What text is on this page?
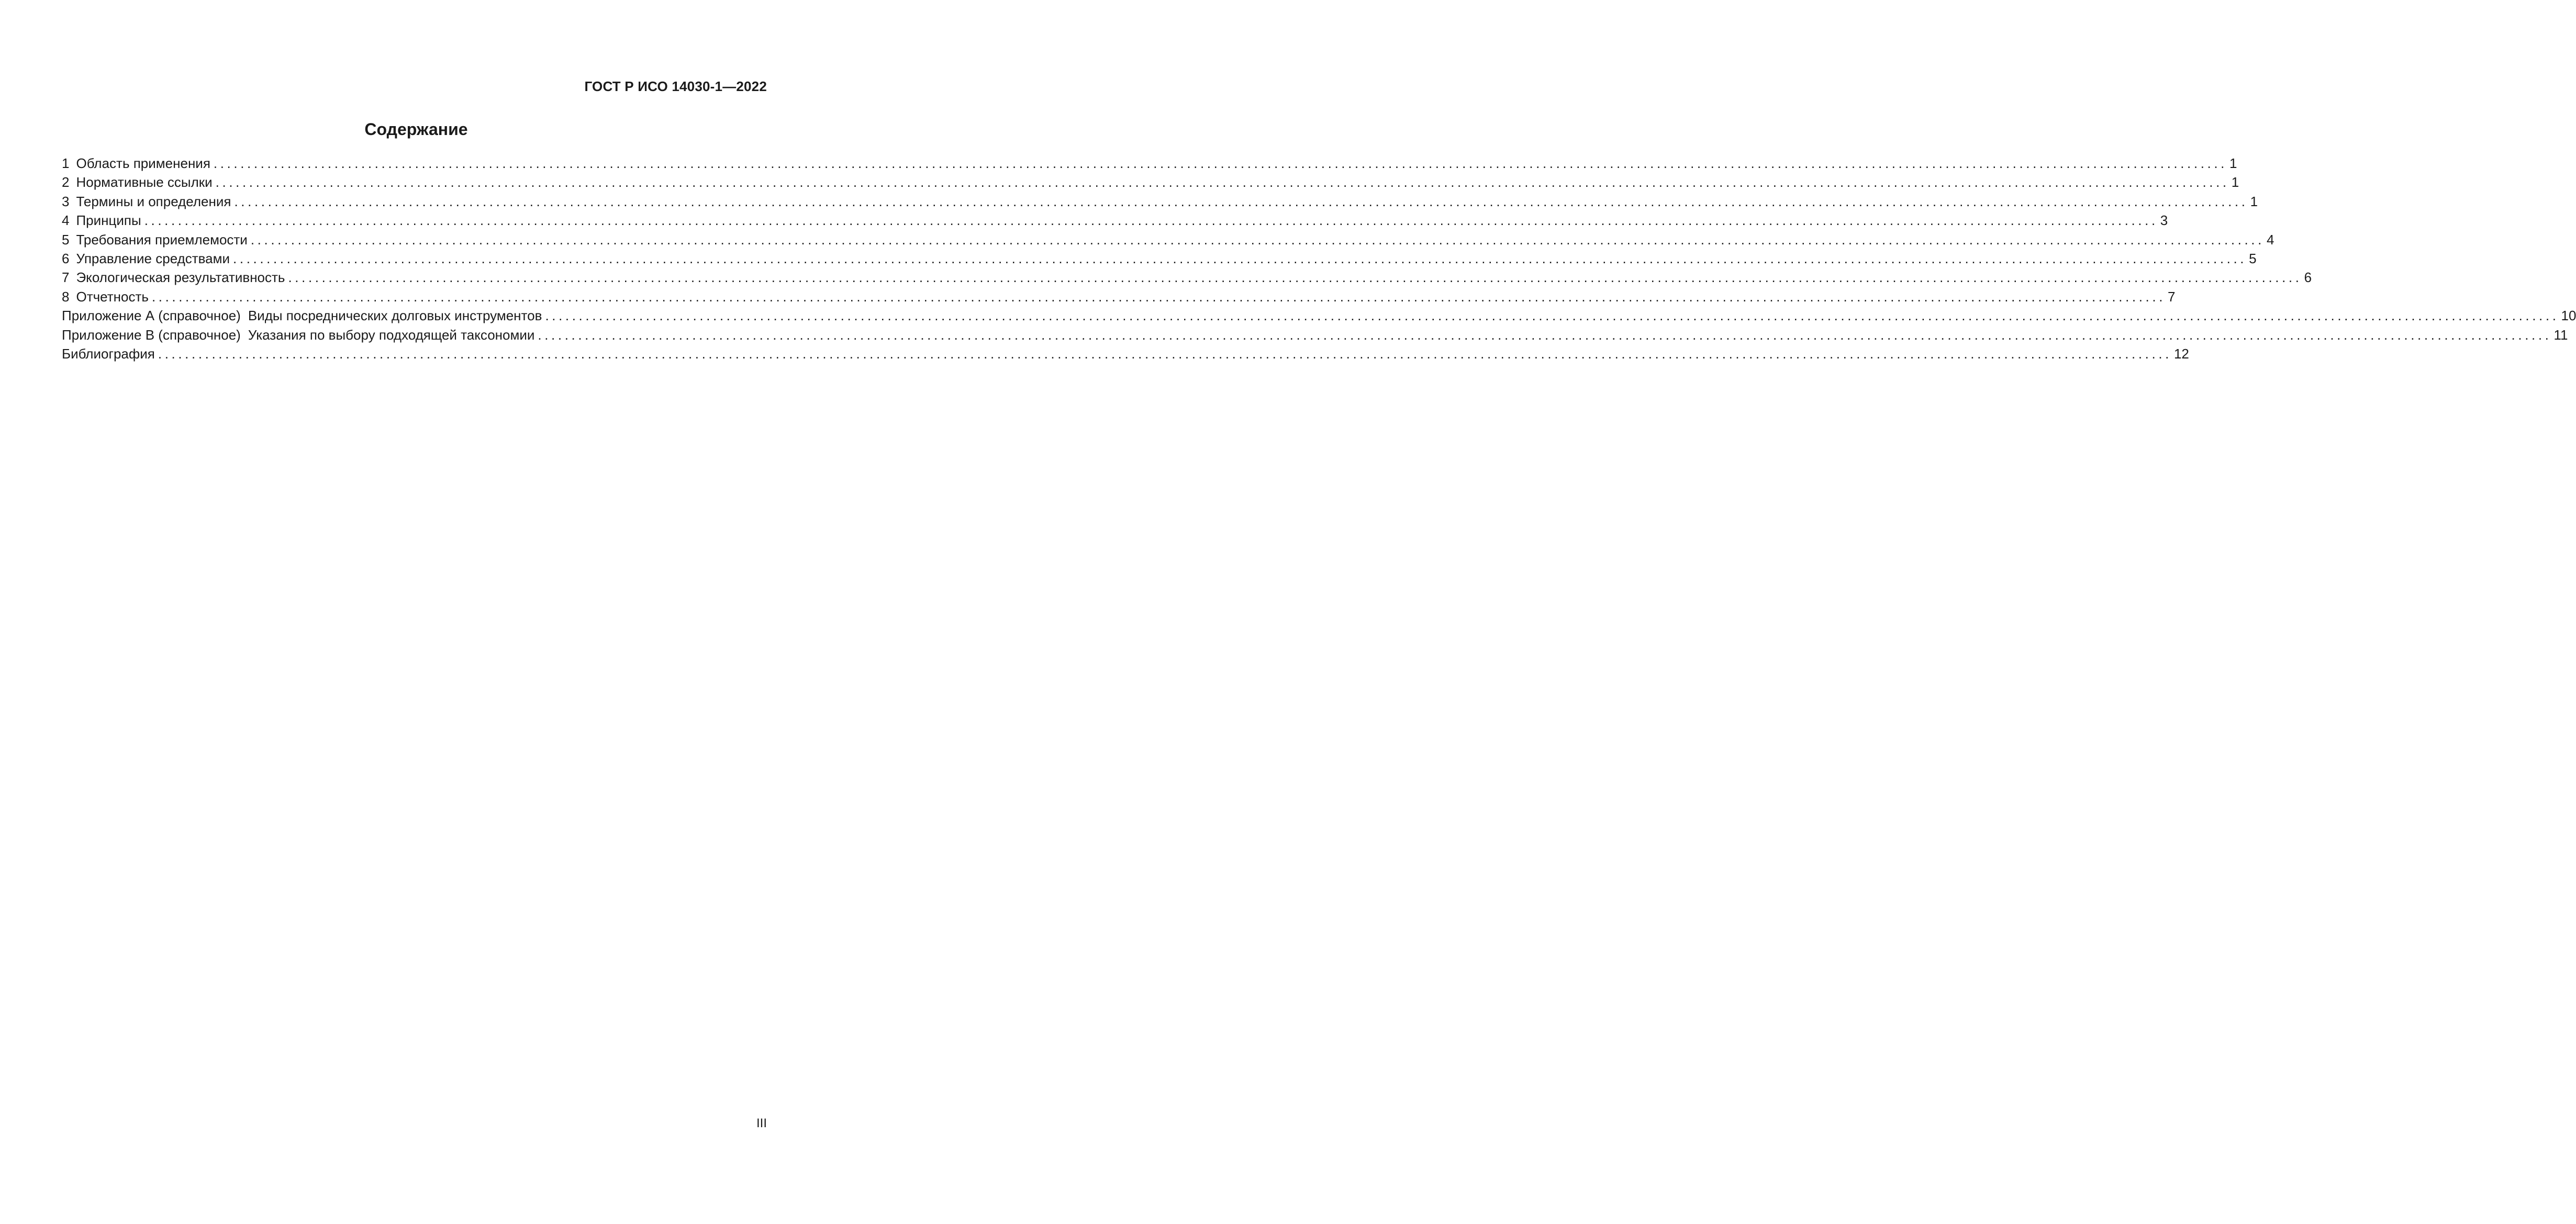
ГОСТ Р ИСО 14030-1—2022
Содержание
1 Область применения ............................................................................................................................................................................................................................................................................................................ 1
2 Нормативные ссылки ............................................................................................................................................................................................................................................................................................................ 1
3 Термины и определения ............................................................................................................................................................................................................................................................................................................ 1
4 Принципы ............................................................................................................................................................................................................................................................................................................ 3
5 Требования приемлемости ............................................................................................................................................................................................................................................................................................................ 4
6 Управление средствами ............................................................................................................................................................................................................................................................................................................ 5
7 Экологическая результативность ............................................................................................................................................................................................................................................................................................................ 6
8 Отчетность ............................................................................................................................................................................................................................................................................................................ 7
Приложение А (справочное) Виды посреднических долговых инструментов ............................................................................................................................................................................................................................................................................................................ 10
Приложение В (справочное) Указания по выбору подходящей таксономии ............................................................................................................................................................................................................................................................................................................ 11
Библиография ............................................................................................................................................................................................................................................................................................................ 12
III
